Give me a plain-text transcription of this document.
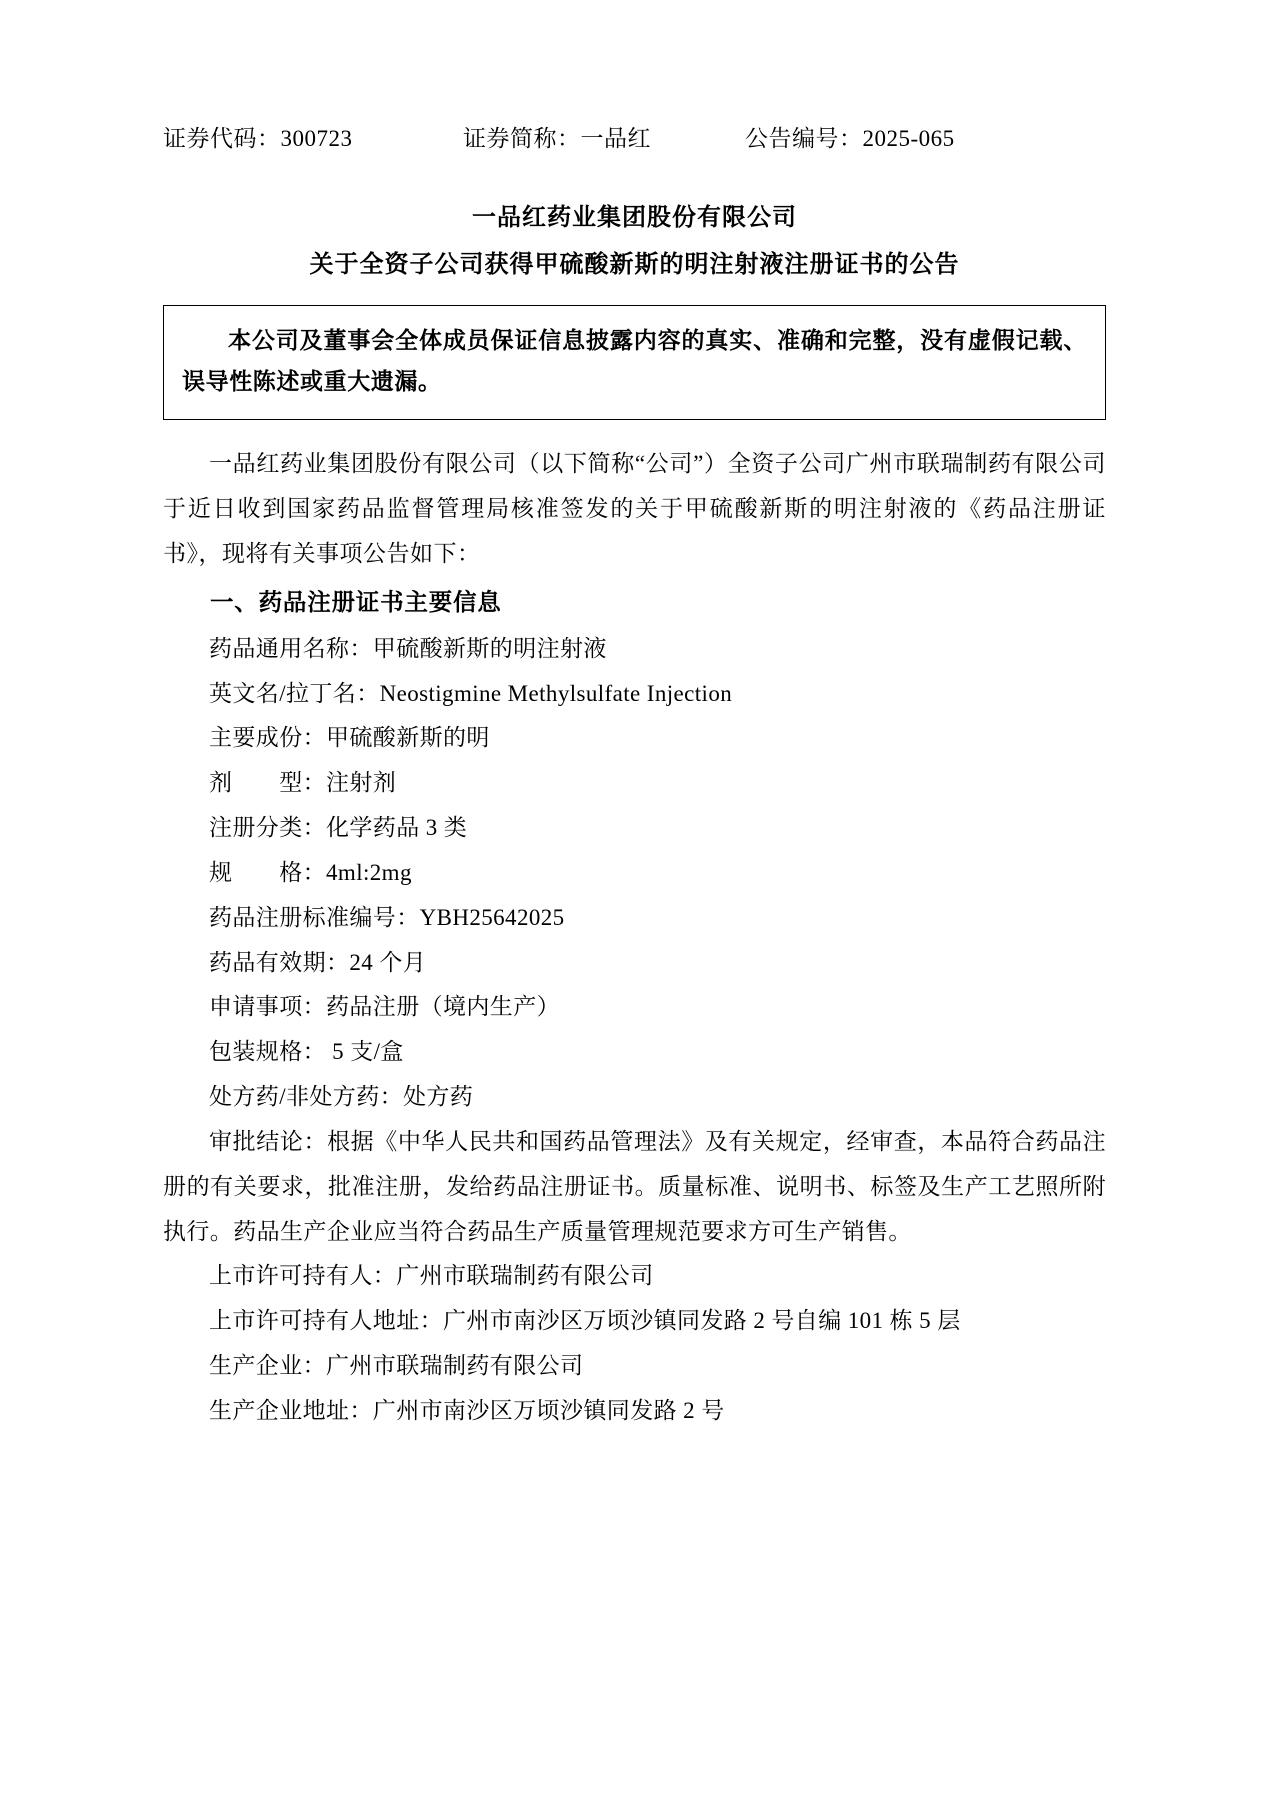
证券代码：300723	证券简称：一品红	公告编号：2025-065
一品红药业集团股份有限公司
关于全资子公司获得甲硫酸新斯的明注射液注册证书的公告

本公司及董事会全体成员保证信息披露内容的真实、准确和完整，没有虚假记载、误导性陈述或重大遗漏。

一品红药业集团股份有限公司（以下简称“公司”）全资子公司广州市联瑞制药有限公司于近日收到国家药品监督管理局核准签发的关于甲硫酸新斯的明注射液的《药品注册证书》，现将有关事项公告如下：

一、药品注册证书主要信息

药品通用名称：甲硫酸新斯的明注射液

英文名/拉丁名：Neostigmine Methylsulfate Injection

主要成份：甲硫酸新斯的明

剂　　型：注射剂

注册分类：化学药品 3 类

规　　格：4ml:2mg

药品注册标准编号：YBH25642025

药品有效期：24 个月

申请事项：药品注册（境内生产）

包装规格： 5 支/盒

处方药/非处方药：处方药

审批结论：根据《中华人民共和国药品管理法》及有关规定，经审查，本品符合药品注册的有关要求，批准注册，发给药品注册证书。质量标准、说明书、标签及生产工艺照所附执行。药品生产企业应当符合药品生产质量管理规范要求方可生产销售。

上市许可持有人：广州市联瑞制药有限公司

上市许可持有人地址：广州市南沙区万顷沙镇同发路 2 号自编 101 栋 5 层

生产企业：广州市联瑞制药有限公司

生产企业地址：广州市南沙区万顷沙镇同发路 2 号
